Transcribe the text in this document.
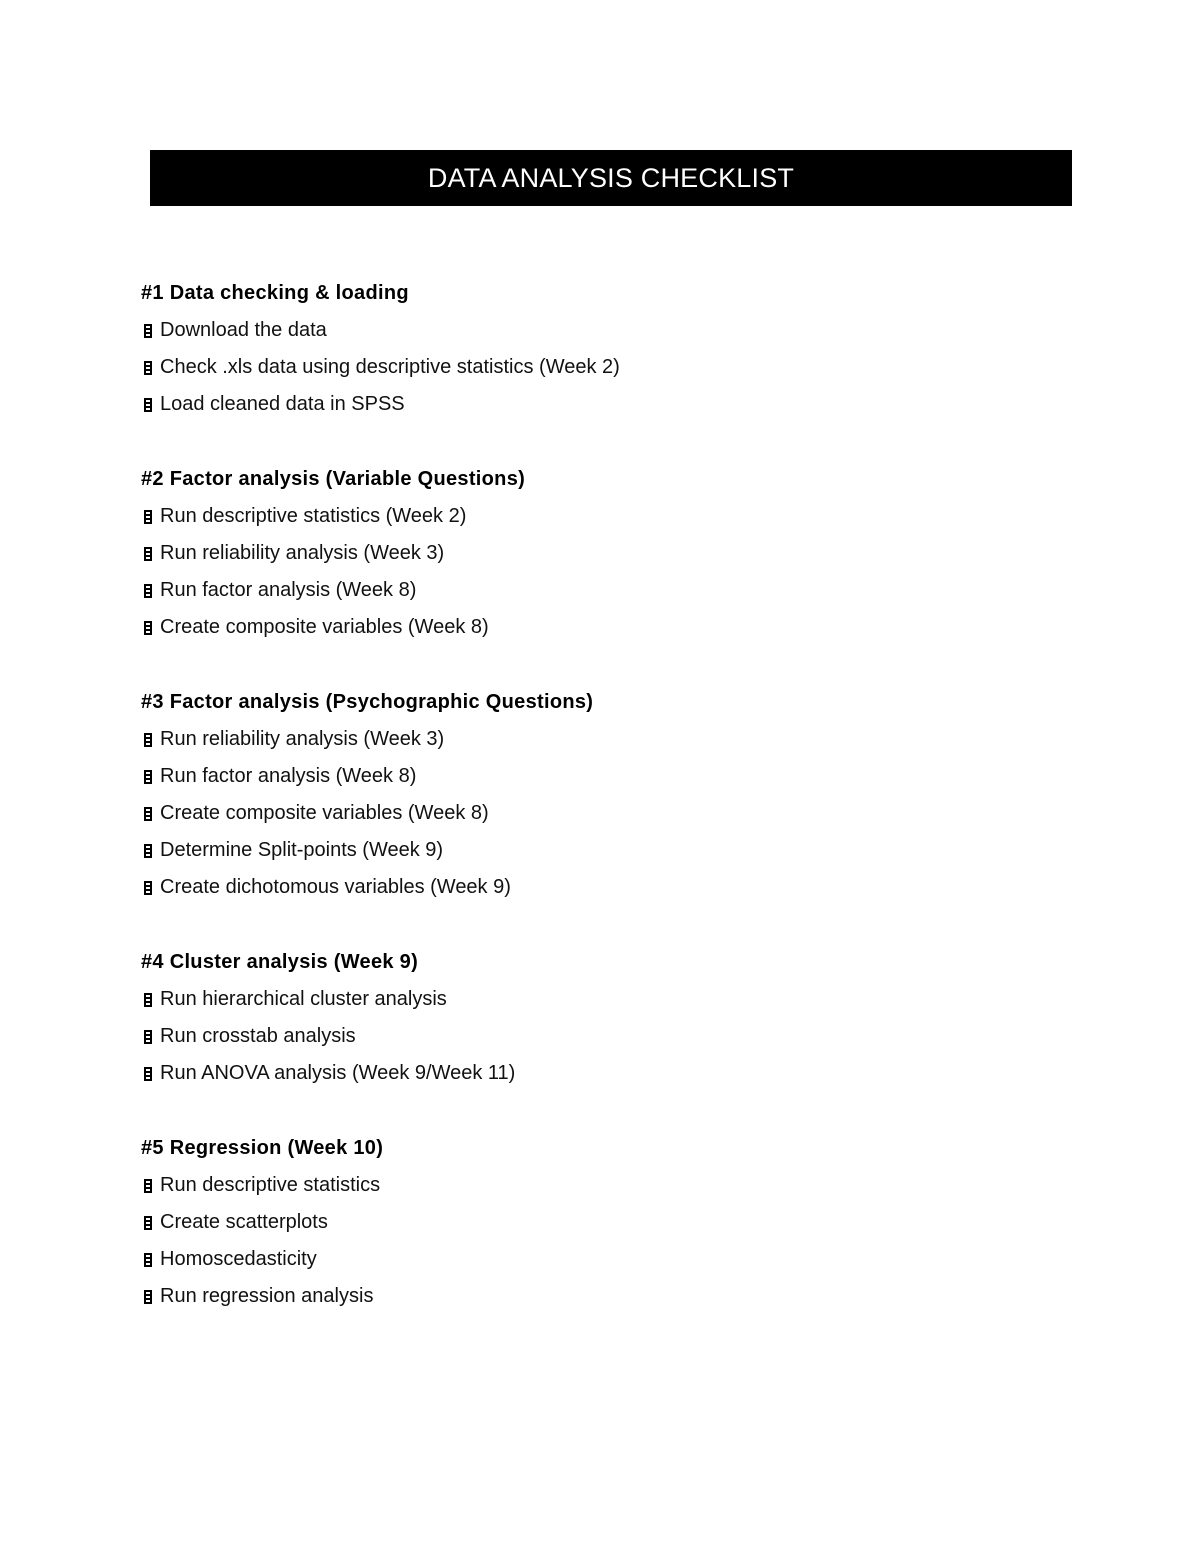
DATA ANALYSIS CHECKLIST
#1 Data checking & loading
Download the data
Check .xls data using descriptive statistics (Week 2)
Load cleaned data in SPSS
#2 Factor analysis (Variable Questions)
Run descriptive statistics (Week 2)
Run reliability analysis (Week 3)
Run factor analysis (Week 8)
Create composite variables (Week 8)
#3 Factor analysis (Psychographic Questions)
Run reliability analysis (Week 3)
Run factor analysis (Week 8)
Create composite variables (Week 8)
Determine Split-points (Week 9)
Create dichotomous variables (Week 9)
#4 Cluster analysis (Week 9)
Run hierarchical cluster analysis
Run crosstab analysis
Run ANOVA analysis (Week 9/Week 11)
#5 Regression (Week 10)
Run descriptive statistics
Create scatterplots
Homoscedasticity
Run regression analysis
